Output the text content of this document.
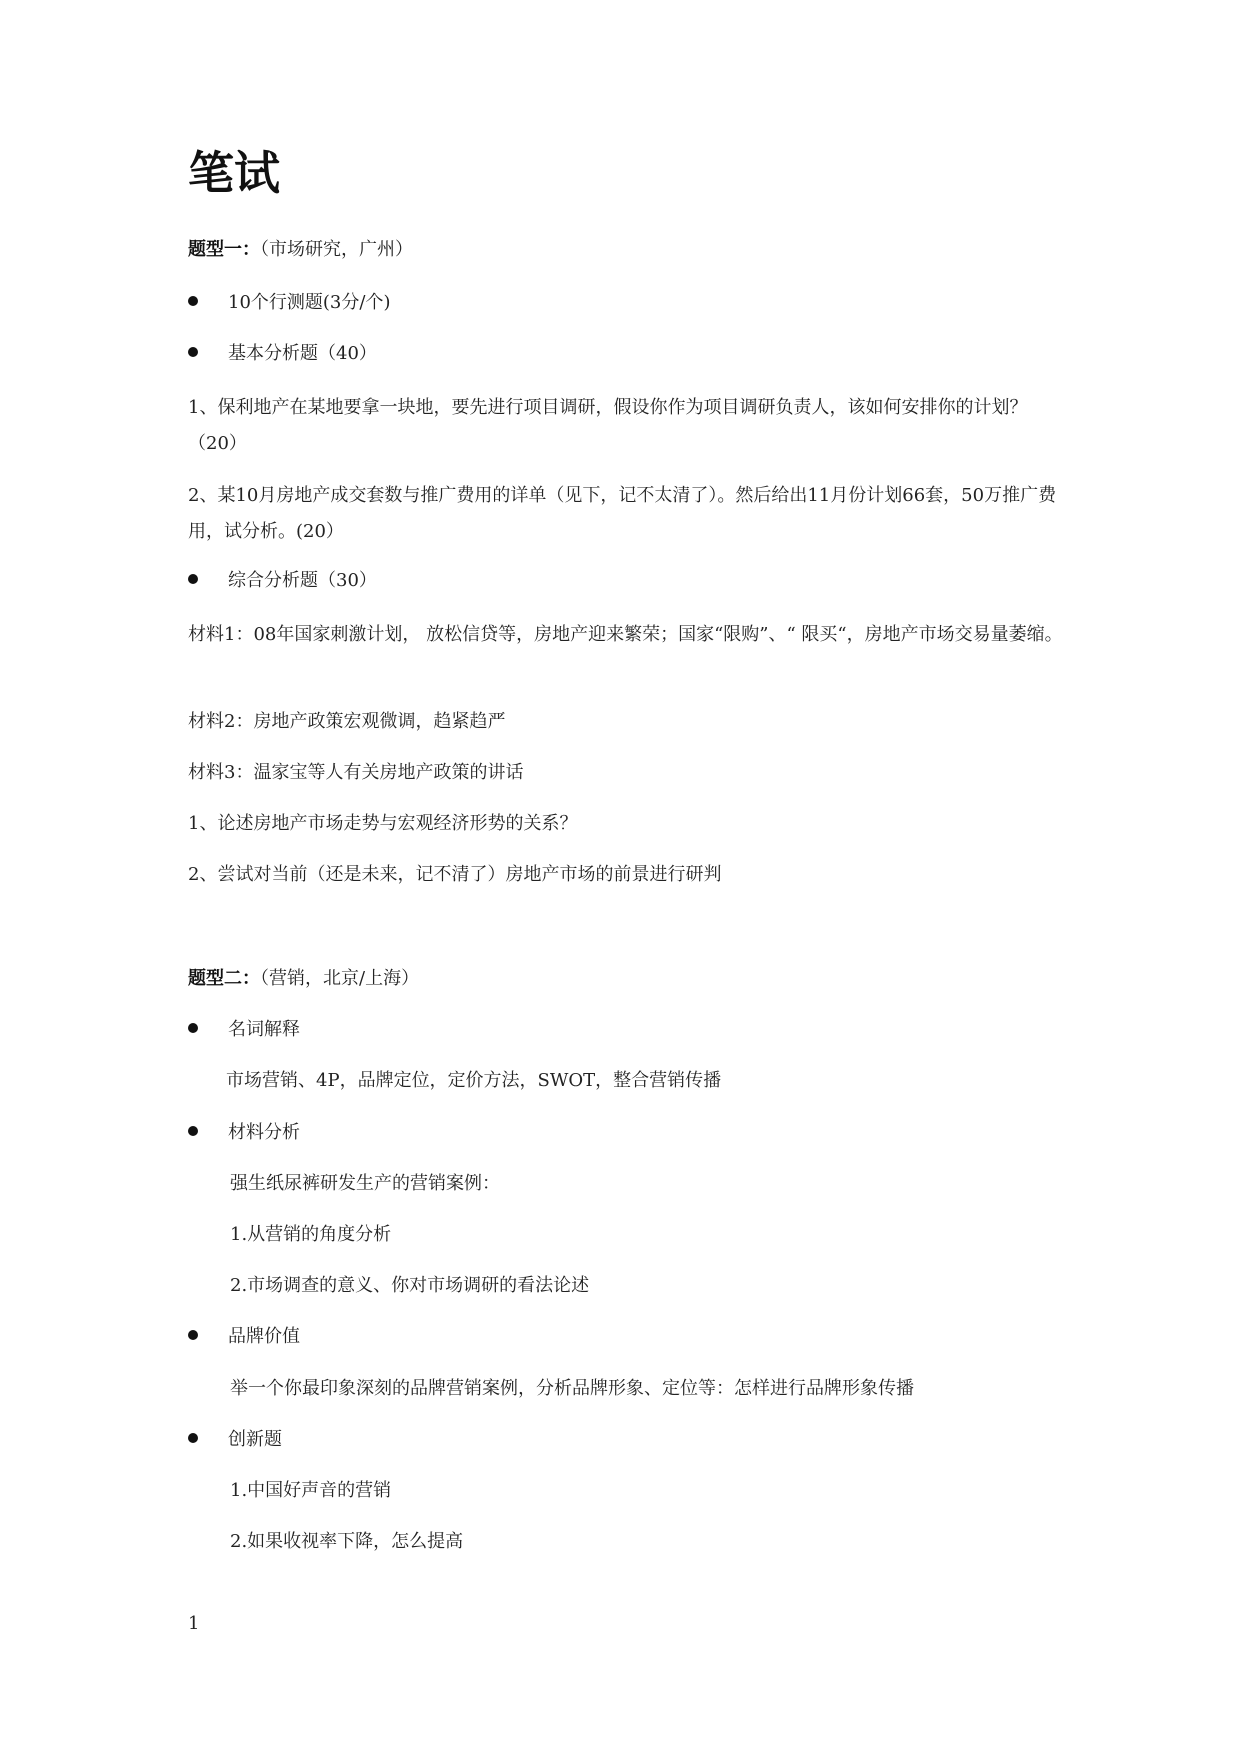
笔试
题型一：（市场研究，广州）
10个行测题(3分/个)
基本分析题（40）
1、保利地产在某地要拿一块地，要先进行项目调研，假设你作为项目调研负责人，该如何安排你的计划？（20）
2、某10月房地产成交套数与推广费用的详单（见下，记不太清了）。然后给出11月份计划66套，50万推广费用，试分析。(20）
综合分析题（30）
材料1：08年国家刺激计划， 放松信贷等，房地产迎来繁荣；国家“限购”、“ 限买“，房地产市场交易量萎缩。
材料2：房地产政策宏观微调，趋紧趋严
材料3：温家宝等人有关房地产政策的讲话
1、论述房地产市场走势与宏观经济形势的关系？
2、尝试对当前（还是未来，记不清了）房地产市场的前景进行研判
题型二：（营销，北京/上海）
名词解释
市场营销、4P，品牌定位，定价方法，SWOT，整合营销传播
材料分析
强生纸尿裤研发生产的营销案例：
1.从营销的角度分析
2.市场调查的意义、你对市场调研的看法论述
品牌价值
举一个你最印象深刻的品牌营销案例，分析品牌形象、定位等：怎样进行品牌形象传播
创新题
1.中国好声音的营销
2.如果收视率下降，怎么提高
1
